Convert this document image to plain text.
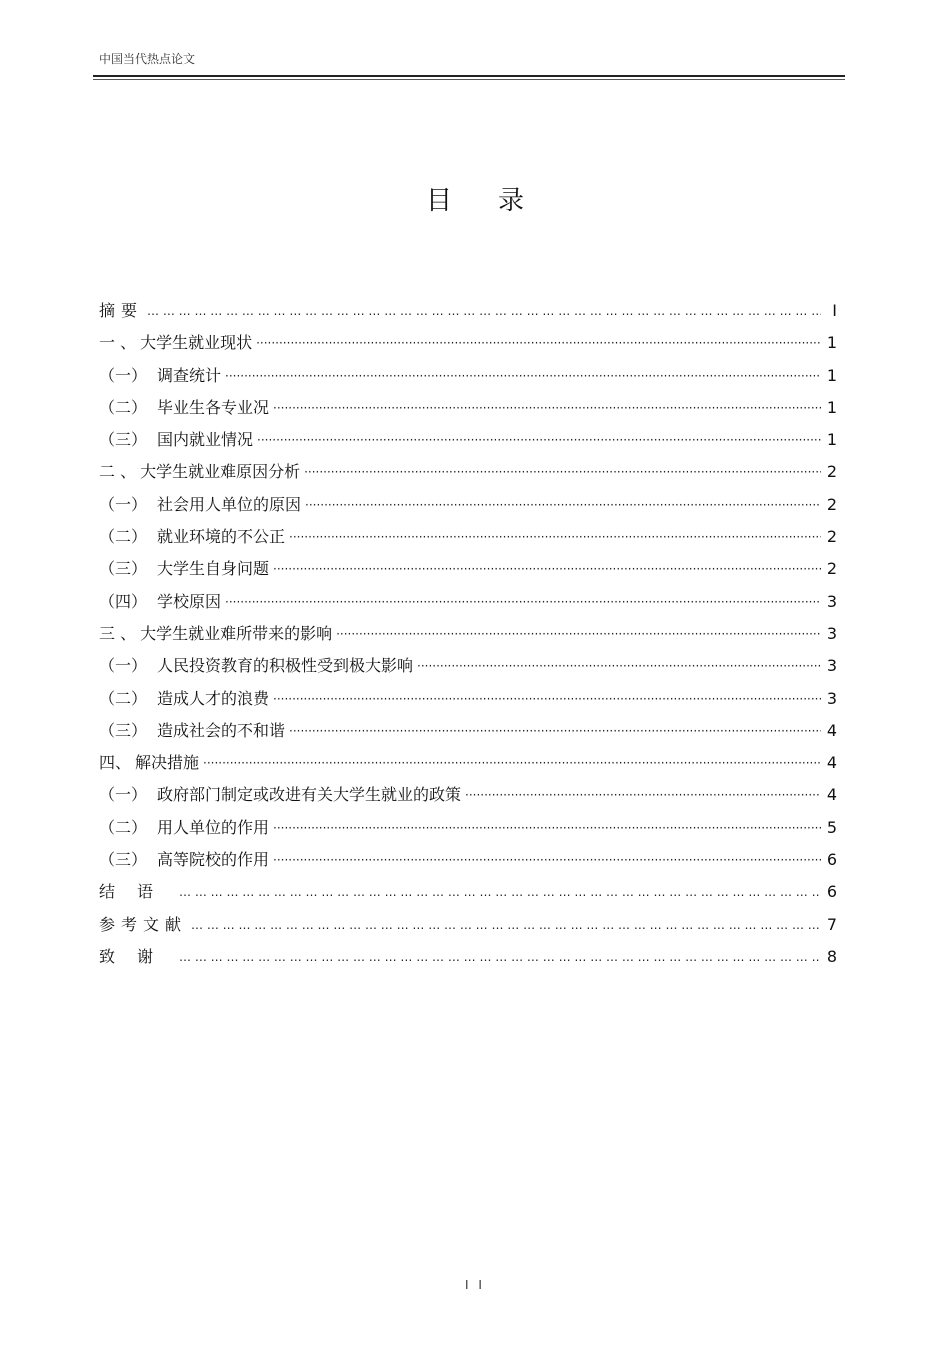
中国当代热点论文
目录
摘要 … … … … … … … … … … … … … … … … … … … … … … … … … … … … … … … … … … … … … … … … … … … … … … … … … … … … … … … … … … … … … …	I
一 、 大学生就业现状 ·····	1
（一） 调查统计 ·····	1
（二） 毕业生各专业况 ·····	1
（三） 国内就业情况 ·····	1
二 、 大学生就业难原因分析 ·····	2
（一） 社会用人单位的原因 ·····	2
（二） 就业环境的不公正 ·····	2
（三） 大学生自身问题 ·····	2
（四） 学校原因 ·····	3
三 、 大学生就业难所带来的影响 ·····	3
（一） 人民投资教育的积极性受到极大影响 ·····	3
（二） 造成人才的浪费 ·····	3
（三） 造成社会的不和谐 ·····	4
四、 解决措施 ·····	4
（一） 政府部门制定或改进有关大学生就业的政策 ·····	4
（二） 用人单位的作用 ·····	5
（三） 高等院校的作用 ·····	6
结语 … … … … … … … … … … … … … … … … … … … … … … … … … … … … … … … … … … … … … … … … … … … … … … … … … … … … … … … … … … … … … …	6
参考文献 … … … … … … … … … … … … … … … … … … … … … … … … … … … … … … … … … … … … … … … … … … … … … … … … … … … … … … … … … … … … … …	7
致谢 … … … … … … … … … … … … … … … … … … … … … … … … … … … … … … … … … … … … … … … … … … … … … … … … … … … … … … … … … … … … … …	8
I I
